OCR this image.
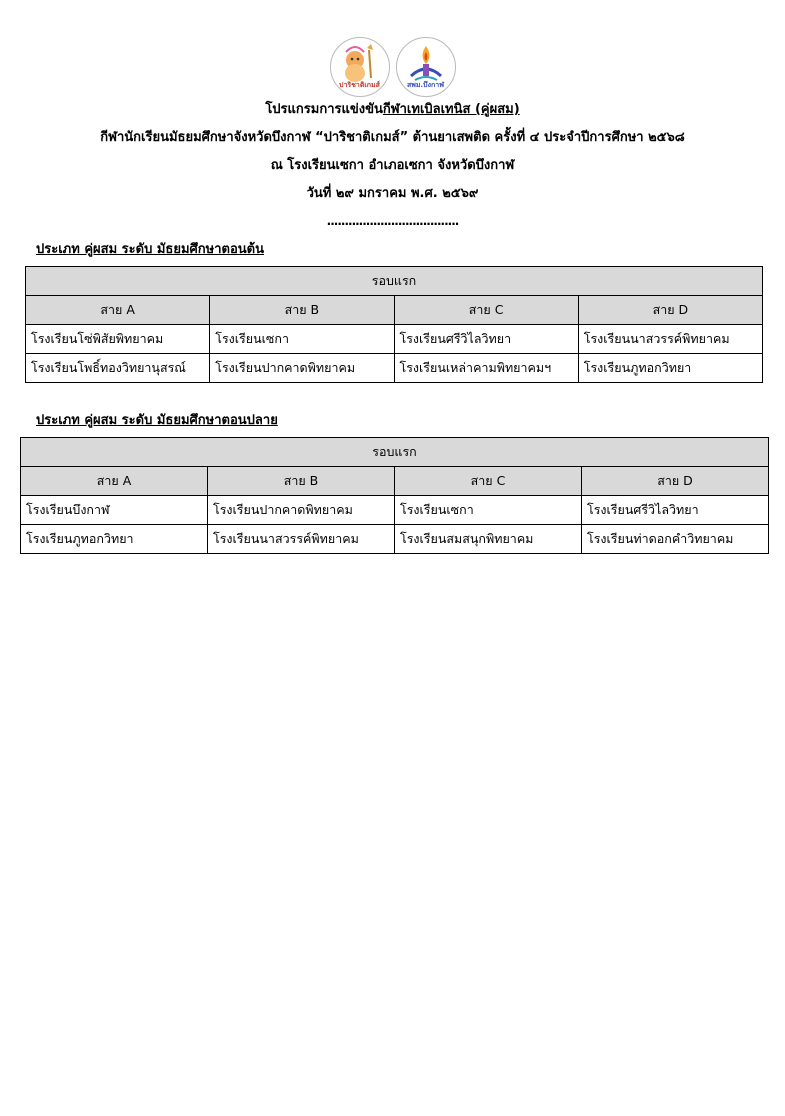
ปาริชาติเกมส์	สพม.บึงกาฬ
โปรแกรมการแข่งขันกีฬาเทเบิลเทนิส (คู่ผสม)
กีฬานักเรียนมัธยมศึกษาจังหวัดบึงกาฬ “ปาริชาติเกมส์” ต้านยาเสพติด ครั้งที่ ๔ ประจำปีการศึกษา ๒๕๖๘
ณ โรงเรียนเซกา อำเภอเซกา จังหวัดบึงกาฬ
วันที่ ๒๙ มกราคม พ.ศ. ๒๕๖๙
.....................................
ประเภท คู่ผสม ระดับ มัธยมศึกษาตอนต้น
รอบแรก			
สาย A	สาย B	สาย C	สาย D
โรงเรียนโซ่พิสัยพิทยาคม	โรงเรียนเซกา	โรงเรียนศรีวิไลวิทยา	โรงเรียนนาสวรรค์พิทยาคม
โรงเรียนโพธิ์ทองวิทยานุสรณ์	โรงเรียนปากคาดพิทยาคม	โรงเรียนเหล่าคามพิทยาคมฯ	โรงเรียนภูทอกวิทยา
ประเภท คู่ผสม ระดับ มัธยมศึกษาตอนปลาย
รอบแรก			
สาย A	สาย B	สาย C	สาย D
โรงเรียนบึงกาฬ	โรงเรียนปากคาดพิทยาคม	โรงเรียนเซกา	โรงเรียนศรีวิไลวิทยา
โรงเรียนภูทอกวิทยา	โรงเรียนนาสวรรค์พิทยาคม	โรงเรียนสมสนุกพิทยาคม	โรงเรียนท่าดอกคำวิทยาคม
